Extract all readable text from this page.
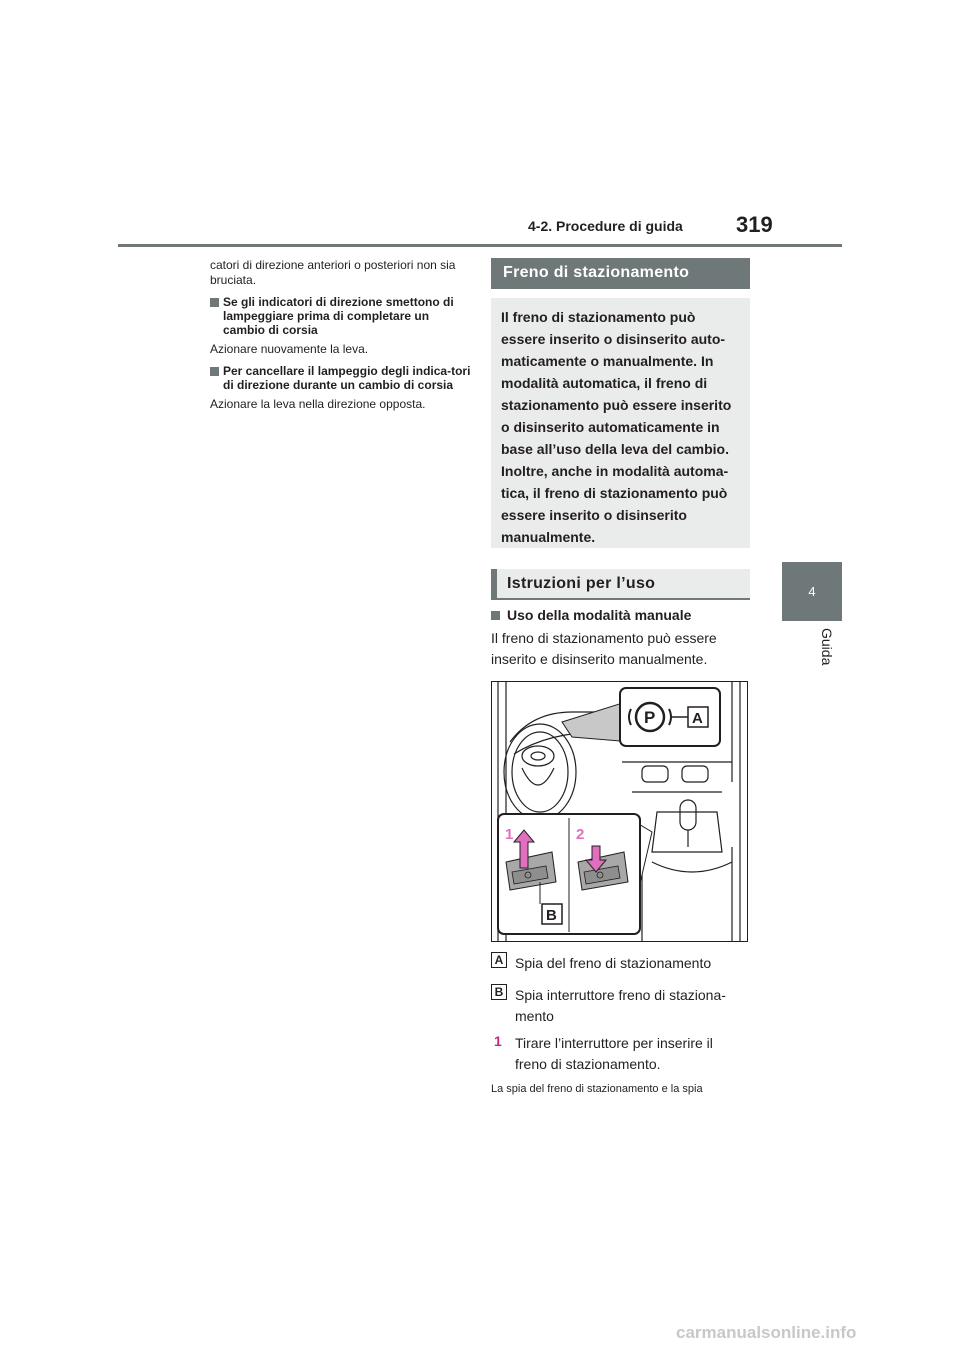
4-2. Procedure di guida 319
4
Guida

catori di direzione anteriori o posteriori non sia bruciata.

Se gli indicatori di direzione smettono di lampeggiare prima di completare un cambio di corsia

Azionare nuovamente la leva.

Per cancellare il lampeggio degli indica-tori di direzione durante un cambio di corsia

Azionare la leva nella direzione opposta.

Freno di stazionamento

Il freno di stazionamento può

essere inserito o disinserito auto-

maticamente o manualmente. In

modalità automatica, il freno di

stazionamento può essere inserito

o disinserito automaticamente in

base all’uso della leva del cambio.

Inoltre, anche in modalità automa-

tica, il freno di stazionamento può

essere inserito o disinserito

manualmente.

Istruzioni per l’uso
Uso della modalità manuale
Il freno di stazionamento può essere
inserito e disinserito manualmente.
P A
1	2
B
A Spia del freno di stazionamento
B Spia interruttore freno di staziona-
mento
1 Tirare l’interruttore per inserire il
freno di stazionamento.
La spia del freno di stazionamento e la spia
carmanualsonline.info
